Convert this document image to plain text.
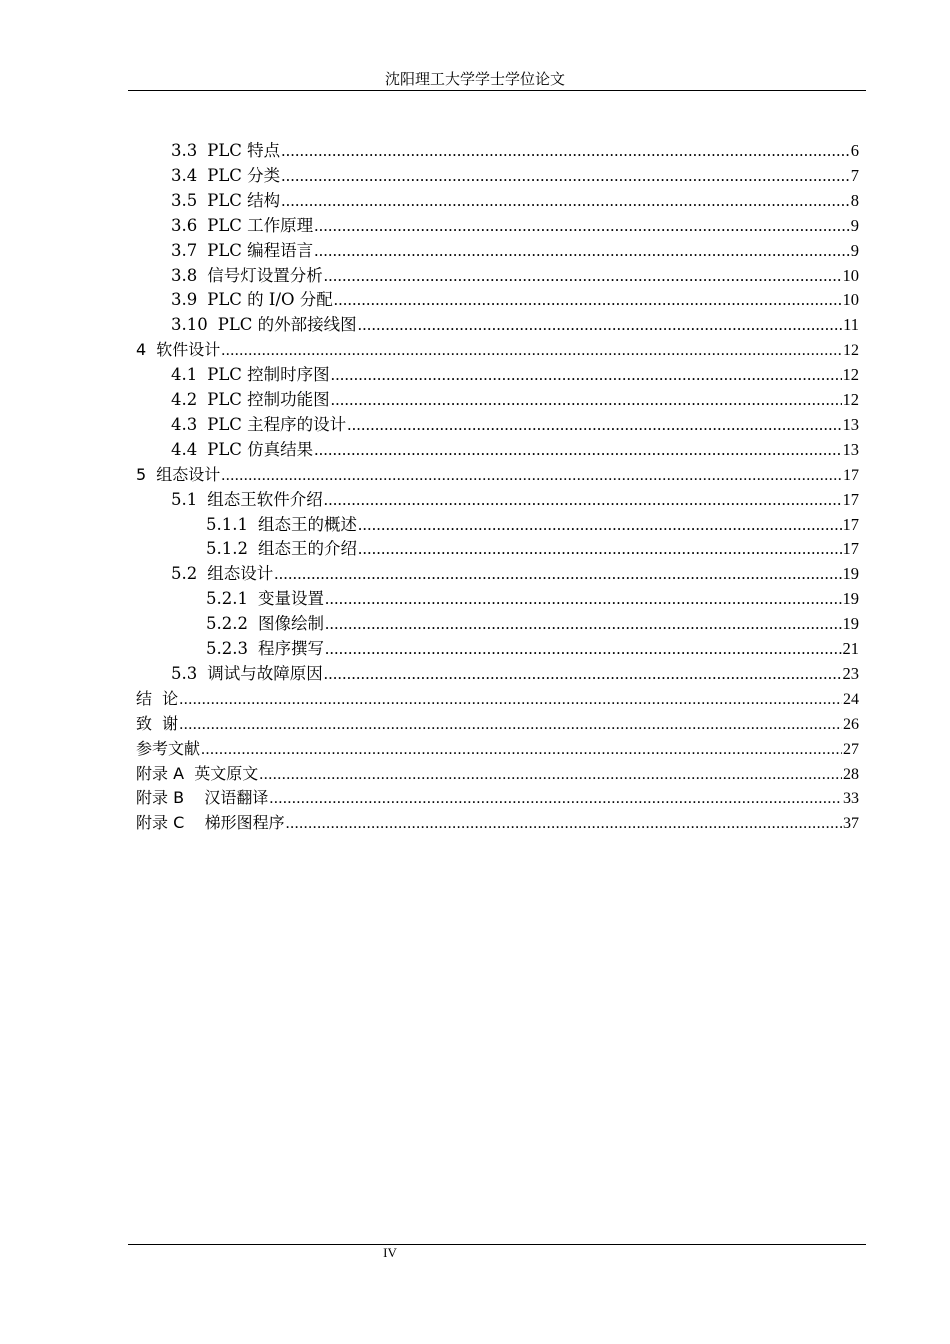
沈阳理工大学学士学位论文
3.3 PLC 特点 .....	6
3.4 PLC 分类 .....	7
3.5 PLC 结构 .....	8
3.6 PLC 工作原理 .....	9
3.7 PLC 编程语言 .....	9
3.8 信号灯设置分析 .....	10
3.9 PLC 的 I/O 分配 .....	10
3.10 PLC 的外部接线图 .....	11
4 软件设计 .....	12
4.1 PLC 控制时序图 .....	12
4.2 PLC 控制功能图 .....	12
4.3 PLC 主程序的设计 .....	13
4.4 PLC 仿真结果 .....	13
5 组态设计 .....	17
5.1 组态王软件介绍 .....	17
5.1.1 组态王的概述 .....	17
5.1.2 组态王的介绍 .....	17
5.2 组态设计 .....	19
5.2.1 变量设置 .....	19
5.2.2 图像绘制 .....	19
5.2.3 程序撰写 .....	21
5.3 调试与故障原因 .....	23
结  论 .....	24
致  谢 .....	26
参考文献 .....	27
附录 A  英文原文 .....	28
附录 B    汉语翻译 .....	33
附录 C    梯形图程序 .....	37
IV
